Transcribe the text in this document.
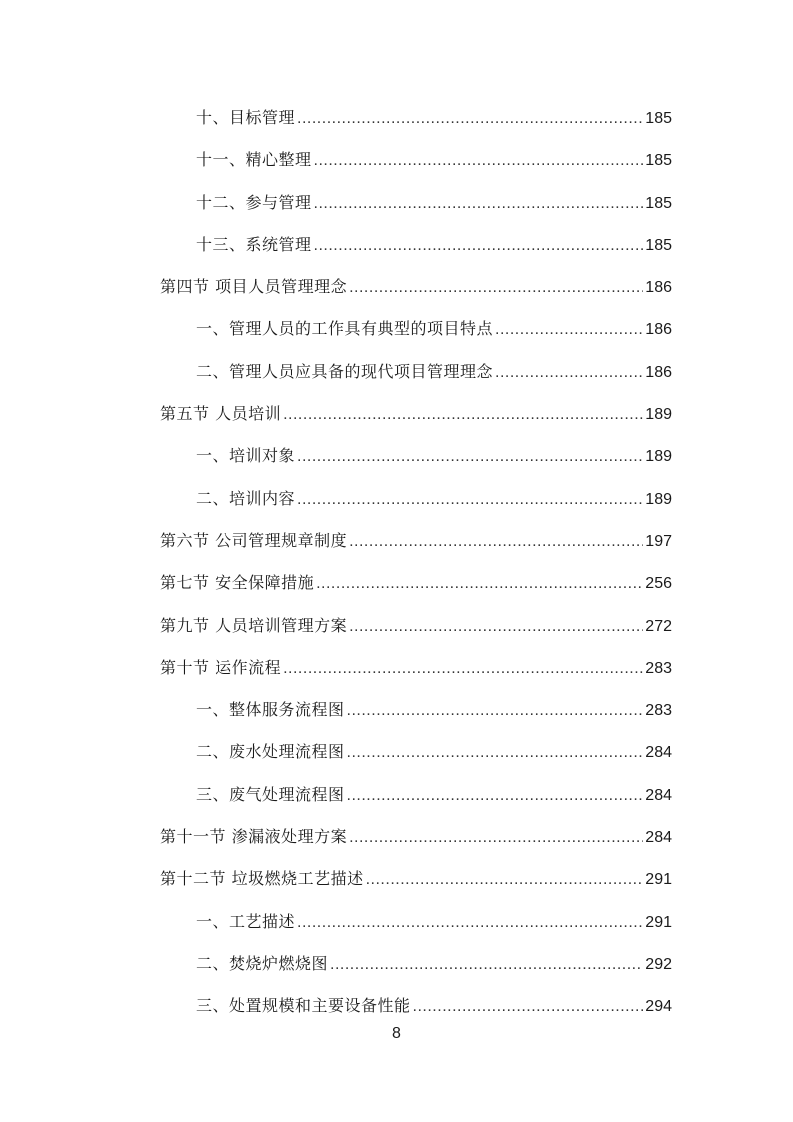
十、目标管理 .....	185
十一、精心整理 .....	185
十二、参与管理 .....	185
十三、系统管理 .....	185
第四节 项目人员管理理念 .....	186
一、管理人员的工作具有典型的项目特点 .....	186
二、管理人员应具备的现代项目管理理念 .....	186
第五节 人员培训 .....	189
一、培训对象 .....	189
二、培训内容 .....	189
第六节 公司管理规章制度 .....	197
第七节 安全保障措施 .....	256
第九节 人员培训管理方案 .....	272
第十节 运作流程 .....	283
一、整体服务流程图 .....	283
二、废水处理流程图 .....	284
三、废气处理流程图 .....	284
第十一节 渗漏液处理方案 .....	284
第十二节 垃圾燃烧工艺描述 .....	291
一、工艺描述 .....	291
二、焚烧炉燃烧图 .....	292
三、处置规模和主要设备性能 .....	294
8
